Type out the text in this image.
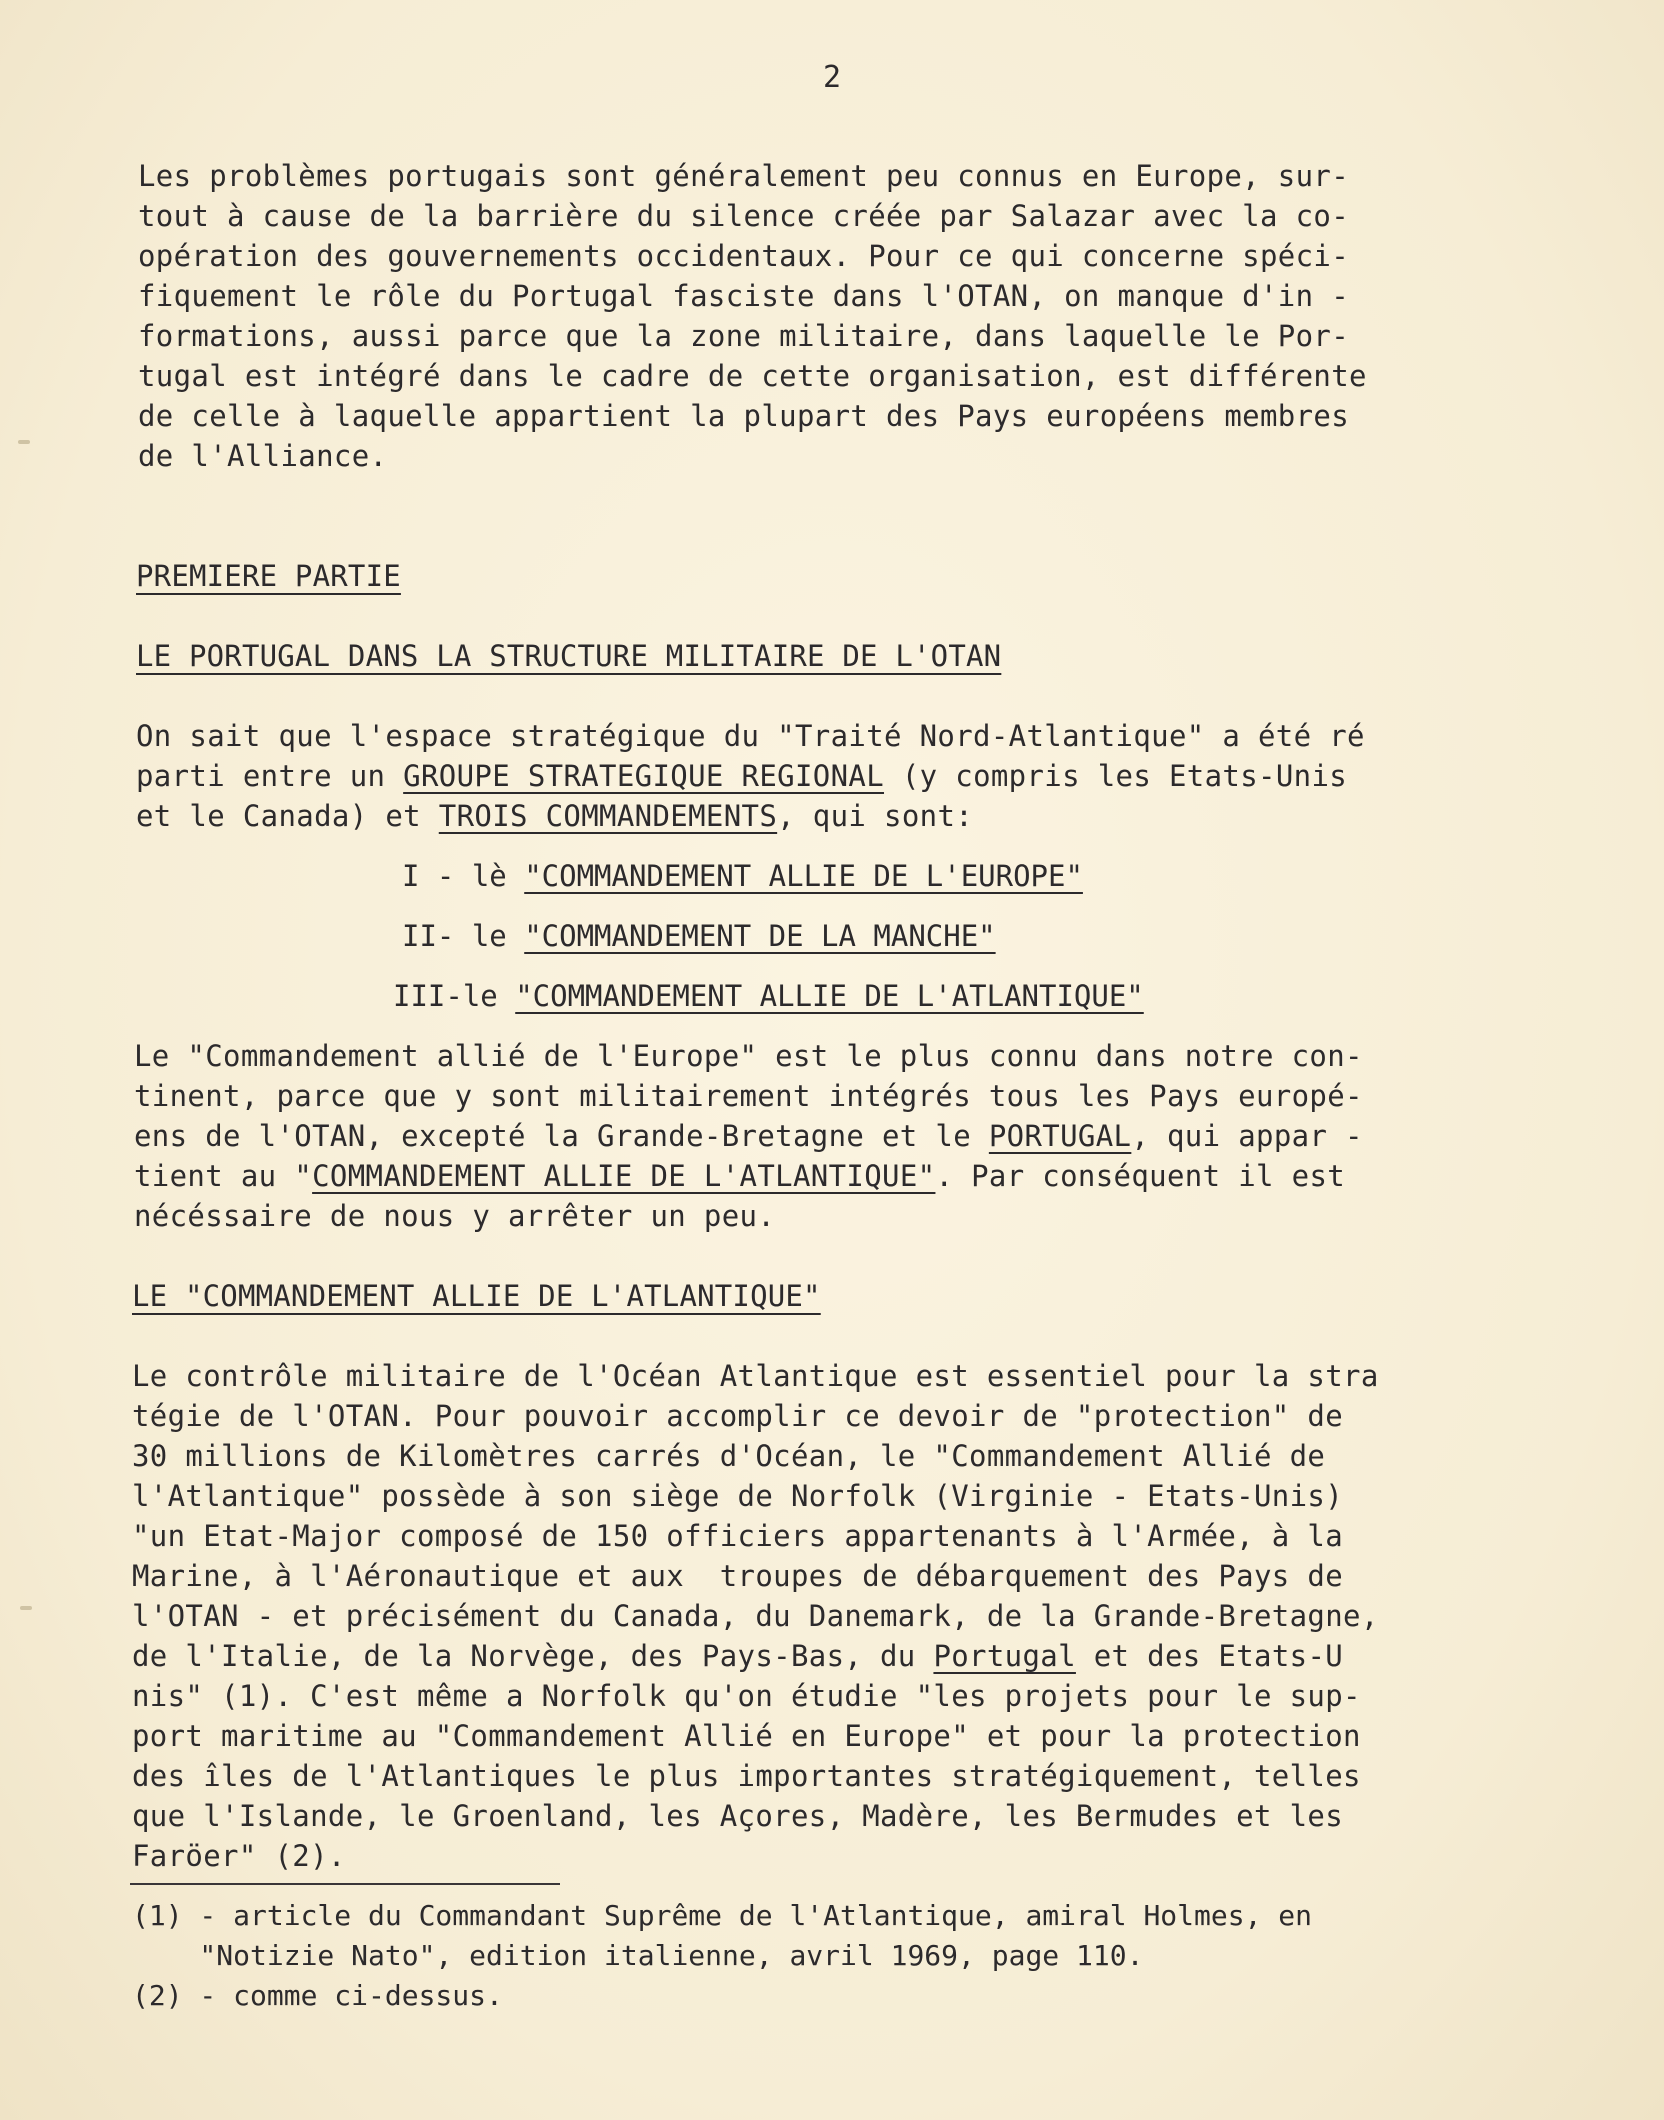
2
Les problèmes portugais sont généralement peu connus en Europe, sur-
tout à cause de la barrière du silence créée par Salazar avec la co-
opération des gouvernements occidentaux. Pour ce qui concerne spéci-
fiquement le rôle du Portugal fasciste dans l'OTAN, on manque d'in -
formations, aussi parce que la zone militaire, dans laquelle le Por-
tugal est intégré dans le cadre de cette organisation, est différente
de celle à laquelle appartient la plupart des Pays européens membres
de l'Alliance.
PREMIERE PARTIE
LE PORTUGAL DANS LA STRUCTURE MILITAIRE DE L'OTAN
On sait que l'espace stratégique du "Traité Nord-Atlantique" a été ré
parti entre un GROUPE STRATEGIQUE REGIONAL (y compris les Etats-Unis
et le Canada) et TROIS COMMANDEMENTS, qui sont:
I - lè "COMMANDEMENT ALLIE DE L'EUROPE"
II- le "COMMANDEMENT DE LA MANCHE"
III-le "COMMANDEMENT ALLIE DE L'ATLANTIQUE"
Le "Commandement allié de l'Europe" est le plus connu dans notre con-
tinent, parce que y sont militairement intégrés tous les Pays europé-
ens de l'OTAN, excepté la Grande-Bretagne et le PORTUGAL, qui appar -
tient au "COMMANDEMENT ALLIE DE L'ATLANTIQUE". Par conséquent il est
nécéssaire de nous y arrêter un peu.
LE "COMMANDEMENT ALLIE DE L'ATLANTIQUE"
Le contrôle militaire de l'Océan Atlantique est essentiel pour la stra
tégie de l'OTAN. Pour pouvoir accomplir ce devoir de "protection" de
30 millions de Kilomètres carrés d'Océan, le "Commandement Allié de
l'Atlantique" possède à son siège de Norfolk (Virginie - Etats-Unis)
"un Etat-Major composé de 150 officiers appartenants à l'Armée, à la
Marine, à l'Aéronautique et aux  troupes de débarquement des Pays de
l'OTAN - et précisément du Canada, du Danemark, de la Grande-Bretagne,
de l'Italie, de la Norvège, des Pays-Bas, du Portugal et des Etats-U
nis" (1). C'est même a Norfolk qu'on étudie "les projets pour le sup-
port maritime au "Commandement Allié en Europe" et pour la protection
des îles de l'Atlantiques le plus importantes stratégiquement, telles
que l'Islande, le Groenland, les Açores, Madère, les Bermudes et les
Faröer" (2).
(1) - article du Commandant Suprême de l'Atlantique, amiral Holmes, en
"Notizie Nato", edition italienne, avril 1969, page 110.
(2) - comme ci-dessus.
